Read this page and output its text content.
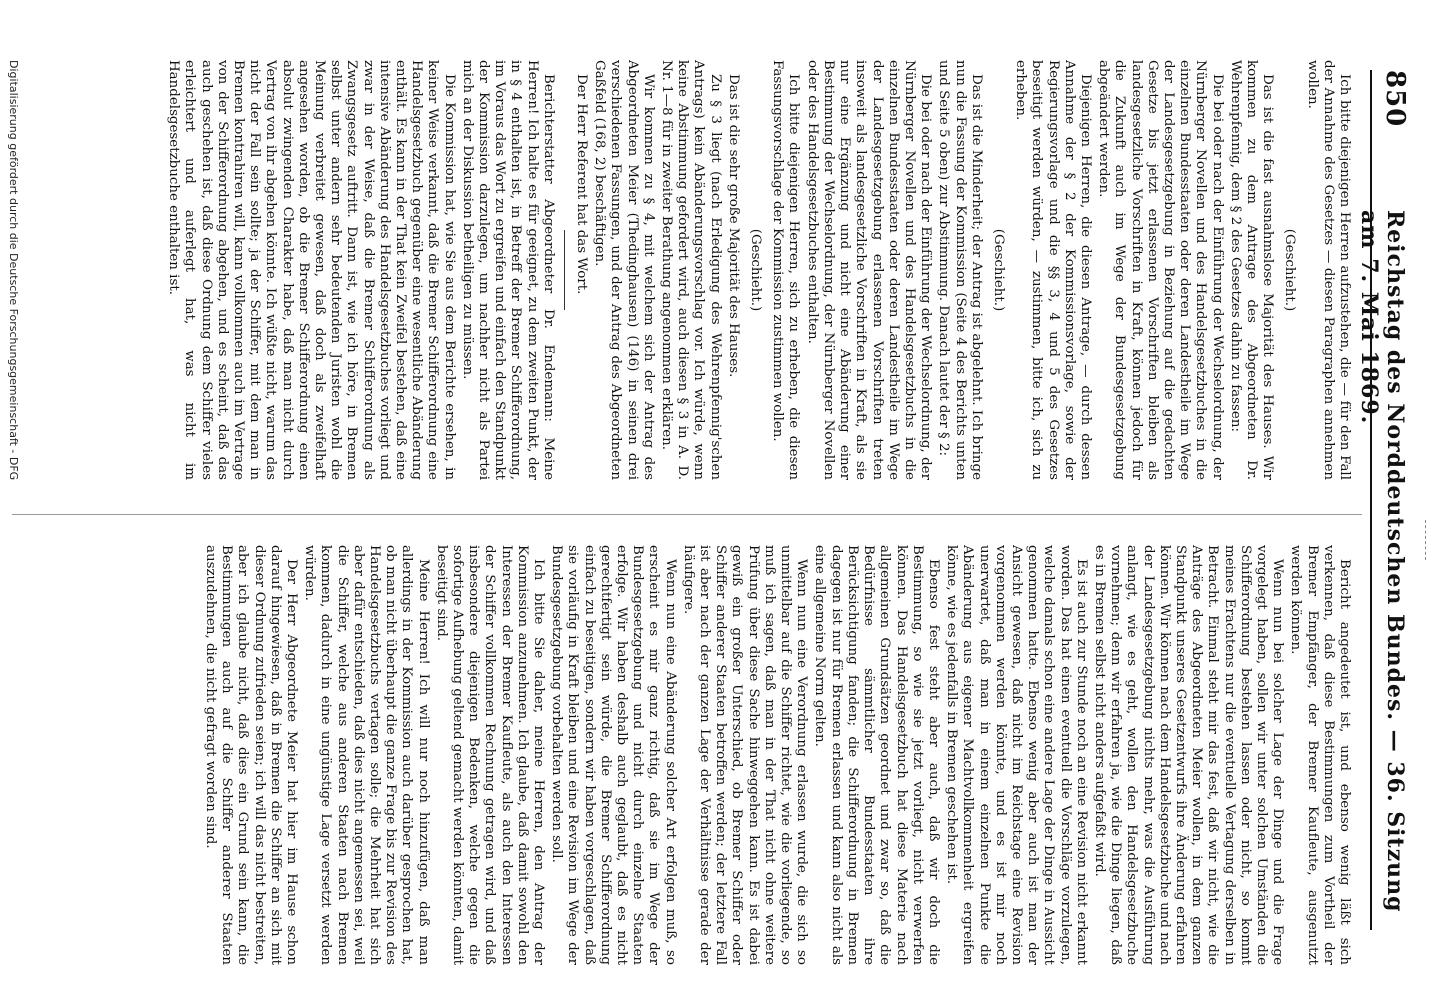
850
Reichstag des Norddeutschen Bundes. — 36. Sitzung am 7. Mai 1869.

Ich bitte diejenigen Herren aufzustehen, die — für den Fall der Annahme des Gesetzes — diesen Paragraphen annehmen wollen.

(Geschieht.)

Das ist die fast ausnahmslose Majorität des Hauses. Wir kommen zu dem Antrage des Abgeordneten Dr. Wehrenpfennig, dem § 2 des Gesetzes dahin zu fassen:

Die bei oder nach der Einführung der Wechselordnung, der Nürnberger Novellen und des Handelsgesetzbuches in die einzelnen Bundesstaaten oder deren Landestheile im Wege der Landesgesetzgebung in Beziehung auf die gedachten Gesetze bis jetzt erlassenen Vorschriften bleiben als landesgesetzliche Vorschriften in Kraft, können jedoch für die Zukunft auch im Wege der Bundesgesetzgebung abgeändert werden.

Diejenigen Herren, die diesen Antrage, — durch dessen Annahme der § 2 der Kommissionsvorlage, sowie der Regierungsvorlage und die §§ 3, 4 und 5 des Gesetzes beseitigt werden würden, — zustimmen, bitte ich, sich zu erheben.

(Geschieht.)

Das ist die Minderheit; der Antrag ist abgelehnt. Ich bringe nun die Fassung der Kommission (Seite 4 des Berichts unten und Seite 5 oben) zur Abstimmung. Danach lautet der § 2:

Die bei oder nach der Einführung der Wechselordnung, der Nürnberger Novellen und des Handelsgesetzbuchs in die einzelnen Bundesstaaten oder deren Landestheile im Wege der Landesgesetzgebung erlassenen Vorschriften treten insoweit als landesgesetzliche Vorschriften in Kraft, als sie nur eine Ergänzung und nicht eine Abänderung einer Bestimmung der Wechselordnung, der Nürnberger Novellen oder des Handelsgesetzbuches enthalten.

Ich bitte diejenigen Herren, sich zu erheben, die diesen Fassungsvorschlage der Kommission zustimmen wollen.

(Geschieht.)

Das ist die sehr große Majorität des Hauses.

Zu § 3 liegt (nach Erledigung des Wehrenpfennig'schen Antrags) kein Abänderungsvorschlag vor. Ich würde, wenn keine Abstimmung gefordert wird, auch diesen § 3 in A. D. Nr. 1—8 für in zweiter Berathung angenommen erklären.

Wir kommen zu § 4, mit welchem sich der Antrag des Abgeordneten Meier (Thedinghausen) (146) in seinen drei verschiedenen Fassungen, und der Antrag des Abgeordneten Gaßfeld (168, 2) beschäftigen.

Der Herr Referent hat das Wort.

Berichterstatter Abgeordneter Dr. Endemann: Meine Herren! Ich halte es für geeignet, zu dem zweiten Punkt, der in § 4 enthalten ist, in Betreff der Bremer Schifferordnung, im Voraus das Wort zu ergreifen und einfach den Standpunkt der Kommission darzulegen, um nachher nicht als Partei mich an der Diskussion betheiligen zu müssen.

Die Kommission hat, wie Sie aus dem Berichte ersehen, in keiner Weise verkannt, daß die Bremer Schifferordnung eine Handelsgesetzbuch gegenüber eine wesentliche Abänderung enthält. Es kann in der That kein Zweifel bestehen, daß eine intensive Abänderung des Handelsgesetzbuches vorliegt und zwar in der Weise, daß die Bremer Schifferordnung als Zwangsgesetz auftritt. Dann ist, wie ich höre, in Bremen selbst unter andern sehr bedeutenden Juristen wohl die Meinung verbreitet gewesen, daß doch als zweifelhaft angesehen worden, ob die Bremer Schifferordnung einen absolut zwingenden Charakter habe, daß man nicht durch Vertrag von ihr abgehen könnte. Ich wüßte nicht, warum das nicht der Fall sein sollte; ja der Schiffer, mit dem man in Bremen kontrahiren will, kann vollkommen auch im Vertrage von der Schifferordnung abgehen, und es scheint, daß das auch geschehen ist, daß diese Ordnung dem Schiffer vieles erleichtert und auferlegt hat, was nicht im Handelsgesetzbuche enthalten ist.

Bericht angedeutet ist, und ebenso wenig läßt sich verkennen, daß diese Bestimmungen zum Vortheil der Bremer Empfänger, der Bremer Kaufleute, ausgenutzt werden können.

Wenn nun bei solcher Lage der Dinge und die Frage vorgelegt haben, sollen wir unter solchen Umständen die Schifferordnung bestehen lassen oder nicht, so kommt meines Erachtens nur die eventuelle Vertagung derselben in Betracht. Einmal steht mir das fest, daß wir nicht, wie die Anträge des Abgeordneten Meier wollen, in dem ganzen Standpunkt unseres Gesetzentwurfs ihre Änderung erfahren können. Wir können nach dem Handelsgesetzbuche und nach der Landesgesetzgebung nichts mehr, was die Ausführung anlangt, wie es geht, wollen den Handelsgesetzbuche vornehmen; denn wir erfahren ja, wie die Dinge liegen, daß es in Bremen selbst nicht anders aufgefaßt wird.

Es ist auch zur Stunde noch an eine Revision nicht erkannt worden. Das hat einen eventuell die Vorschläge vorzulegen, welche damals schon eine andere Lage der Dinge in Aussicht genommen hatte. Ebenso wenig aber auch ist man der Ansicht gewesen, daß nicht im Reichstage eine Revision vorgenommen werden könnte, und es ist mir noch unerwartet, daß man in einem einzelnen Punkte die Abänderung aus eigener Machtvollkommenheit ergreifen könne, wie es jedenfalls in Bremen geschehen ist.

Ebenso fest steht aber auch, daß wir doch die Bestimmung, so wie sie jetzt vorliegt, nicht verwerfen können. Das Handelsgesetzbuch hat diese Materie nach allgemeinen Grundsätzen geordnet und zwar so, daß die Bedürfnisse sämmtlicher Bundesstaaten ihre Berücksichtigung fanden; die Schifferordnung in Bremen dagegen ist nur für Bremen erlassen und kann also nicht als eine allgemeine Norm gelten.

Wenn nun eine Verordnung erlassen wurde, die sich so unmittelbar auf die Schiffer richtet, wie die vorliegende, so muß ich sagen, daß man in der That nicht ohne weitere Prüfung über diese Sache hinweggehen kann. Es ist dabei gewiß ein großer Unterschied, ob Bremer Schiffer oder Schiffer anderer Staaten betroffen werden; der letztere Fall ist aber nach der ganzen Lage der Verhältnisse gerade der häufigere.

Wenn nun eine Abänderung solcher Art erfolgen muß, so erscheint es mir ganz richtig, daß sie im Wege der Bundesgesetzgebung und nicht durch einzelne Staaten erfolge. Wir haben deshalb auch geglaubt, daß es nicht gerechtfertigt sein würde, die Bremer Schifferordnung einfach zu beseitigen, sondern wir haben vorgeschlagen, daß sie vorläufig in Kraft bleiben und eine Revision im Wege der Bundesgesetzgebung vorbehalten werden soll.

Ich bitte Sie daher, meine Herren, den Antrag der Kommission anzunehmen. Ich glaube, daß damit sowohl den Interessen der Bremer Kaufleute, als auch den Interessen der Schiffer vollkommen Rechnung getragen wird, und daß insbesondere diejenigen Bedenken, welche gegen die sofortige Aufhebung geltend gemacht werden könnten, damit beseitigt sind.

Meine Herren! Ich will nur noch hinzufügen, daß man allerdings in der Kommission auch darüber gesprochen hat, ob man nicht überhaupt die ganze Frage bis zur Revision des Handelsgesetzbuchs vertagen solle; die Mehrheit hat sich aber dafür entschieden, daß dies nicht angemessen sei, weil die Schiffer, welche aus anderen Staaten nach Bremen kommen, dadurch in eine ungünstige Lage versetzt werden würden.

Der Herr Abgeordnete Meier hat hier im Hause schon darauf hingewiesen, daß in Bremen die Schiffer an sich mit dieser Ordnung zufrieden seien; ich will das nicht bestreiten, aber ich glaube nicht, daß dies ein Grund sein kann, die Bestimmungen auch auf die Schiffer anderer Staaten auszudehnen, die nicht gefragt worden sind.

Digitalisierung gefördert durch die Deutsche Forschungsgemeinschaft - DFG
